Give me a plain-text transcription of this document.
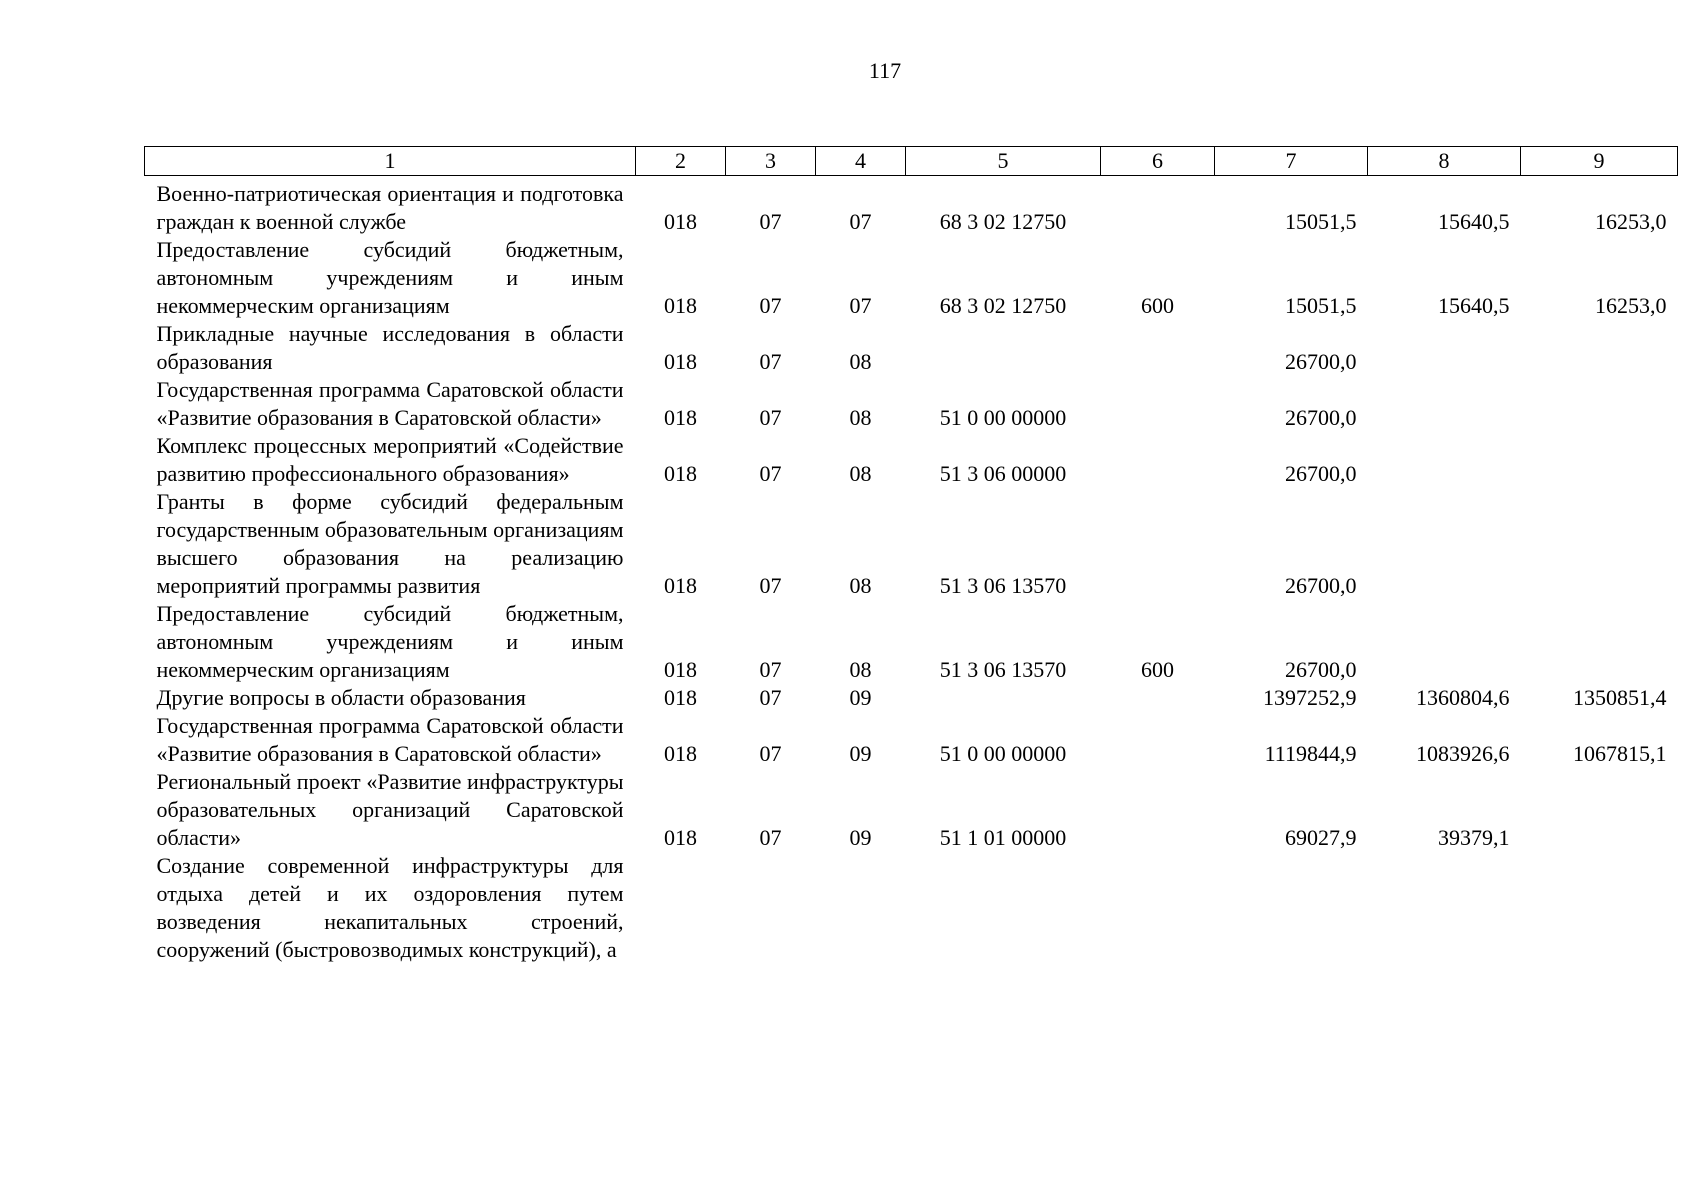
117
1	2	3	4	5	6	7	8	9
Военно-патриотическая ориентация и подготовка граждан к военной службе	018	07	07	68 3 02 12750		15051,5	15640,5	16253,0
Предоставление субсидий бюджетным, автономным учреждениям и иным некоммерческим организациям	018	07	07	68 3 02 12750	600	15051,5	15640,5	16253,0
Прикладные научные исследования в области образования	018	07	08			26700,0		
Государственная программа Саратовской области «Развитие образования в Саратовской области»	018	07	08	51 0 00 00000		26700,0		
Комплекс процессных мероприятий «Содействие развитию профессионального образования»	018	07	08	51 3 06 00000		26700,0		
Гранты в форме субсидий федеральным государственным образовательным организациям высшего образования на реализацию мероприятий программы развития	018	07	08	51 3 06 13570		26700,0		
Предоставление субсидий бюджетным, автономным учреждениям и иным некоммерческим организациям	018	07	08	51 3 06 13570	600	26700,0		
Другие вопросы в области образования	018	07	09			1397252,9	1360804,6	1350851,4
Государственная программа Саратовской области «Развитие образования в Саратовской области»	018	07	09	51 0 00 00000		1119844,9	1083926,6	1067815,1
Региональный проект «Развитие инфраструктуры образовательных организаций Саратовской области»	018	07	09	51 1 01 00000		69027,9	39379,1	
Создание современной инфраструктуры для отдыха детей и их оздоровления путем возведения некапитальных строений, сооружений (быстровозводимых конструкций), а								
